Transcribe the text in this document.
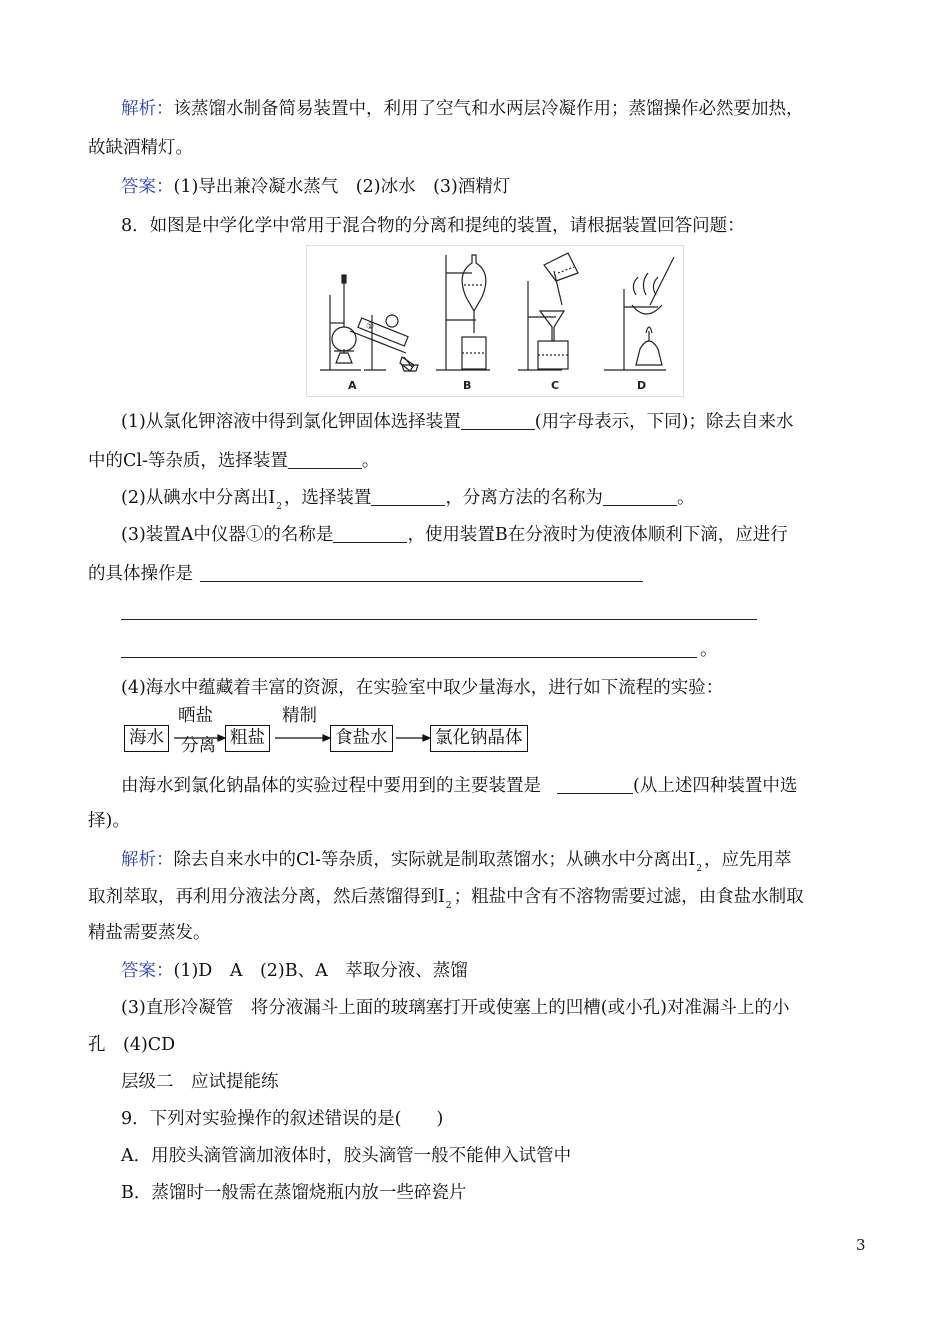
解析：该蒸馏水制备简易装置中，利用了空气和水两层冷凝作用；蒸馏操作必然要加热，
故缺酒精灯。
答案：(1)导出兼冷凝水蒸气　(2)冰水　(3)酒精灯
8．如图是中学化学中常用于混合物的分离和提纯的装置，请根据装置回答问题：
①
A	B	C	D
(1)从氯化钾溶液中得到氯化钾固体选择装置	(用字母表示，下同)；除去自来水
中的Cl-等杂质，选择装置	。
(2)从碘水中分离出$I_2$ ，选择装置	，分离方法的名称为	。
(3)装置A中仪器①的名称是	，使用装置B在分液时为使液体顺利下滴，应进行
的具体操作是
。
(4)海水中蕴藏着丰富的资源，在实验室中取少量海水，进行如下流程的实验：
海水
晒盐
分离 粗盐
精制
食盐水	氯化钠晶体
由海水到氯化钠晶体的实验过程中要用到的主要装置是	(从上述四种装置中选
择)。
解析：除去自来水中的Cl-等杂质，实际就是制取蒸馏水；从碘水中分离出$I_2$ ，应先用萃
取剂萃取，再利用分液法分离，然后蒸馏得到$I_2$ ；粗盐中含有不溶物需要过滤，由食盐水制取
精盐需要蒸发。
答案：(1)D　A　(2)B、A　萃取分液、蒸馏
(3)直形冷凝管　将分液漏斗上面的玻璃塞打开或使塞上的凹槽(或小孔)对准漏斗上的小
孔　(4)CD
层级二　应试提能练
9．下列对实验操作的叙述错误的是(　　)
A．用胶头滴管滴加液体时，胶头滴管一般不能伸入试管中
B．蒸馏时一般需在蒸馏烧瓶内放一些碎瓷片
3
